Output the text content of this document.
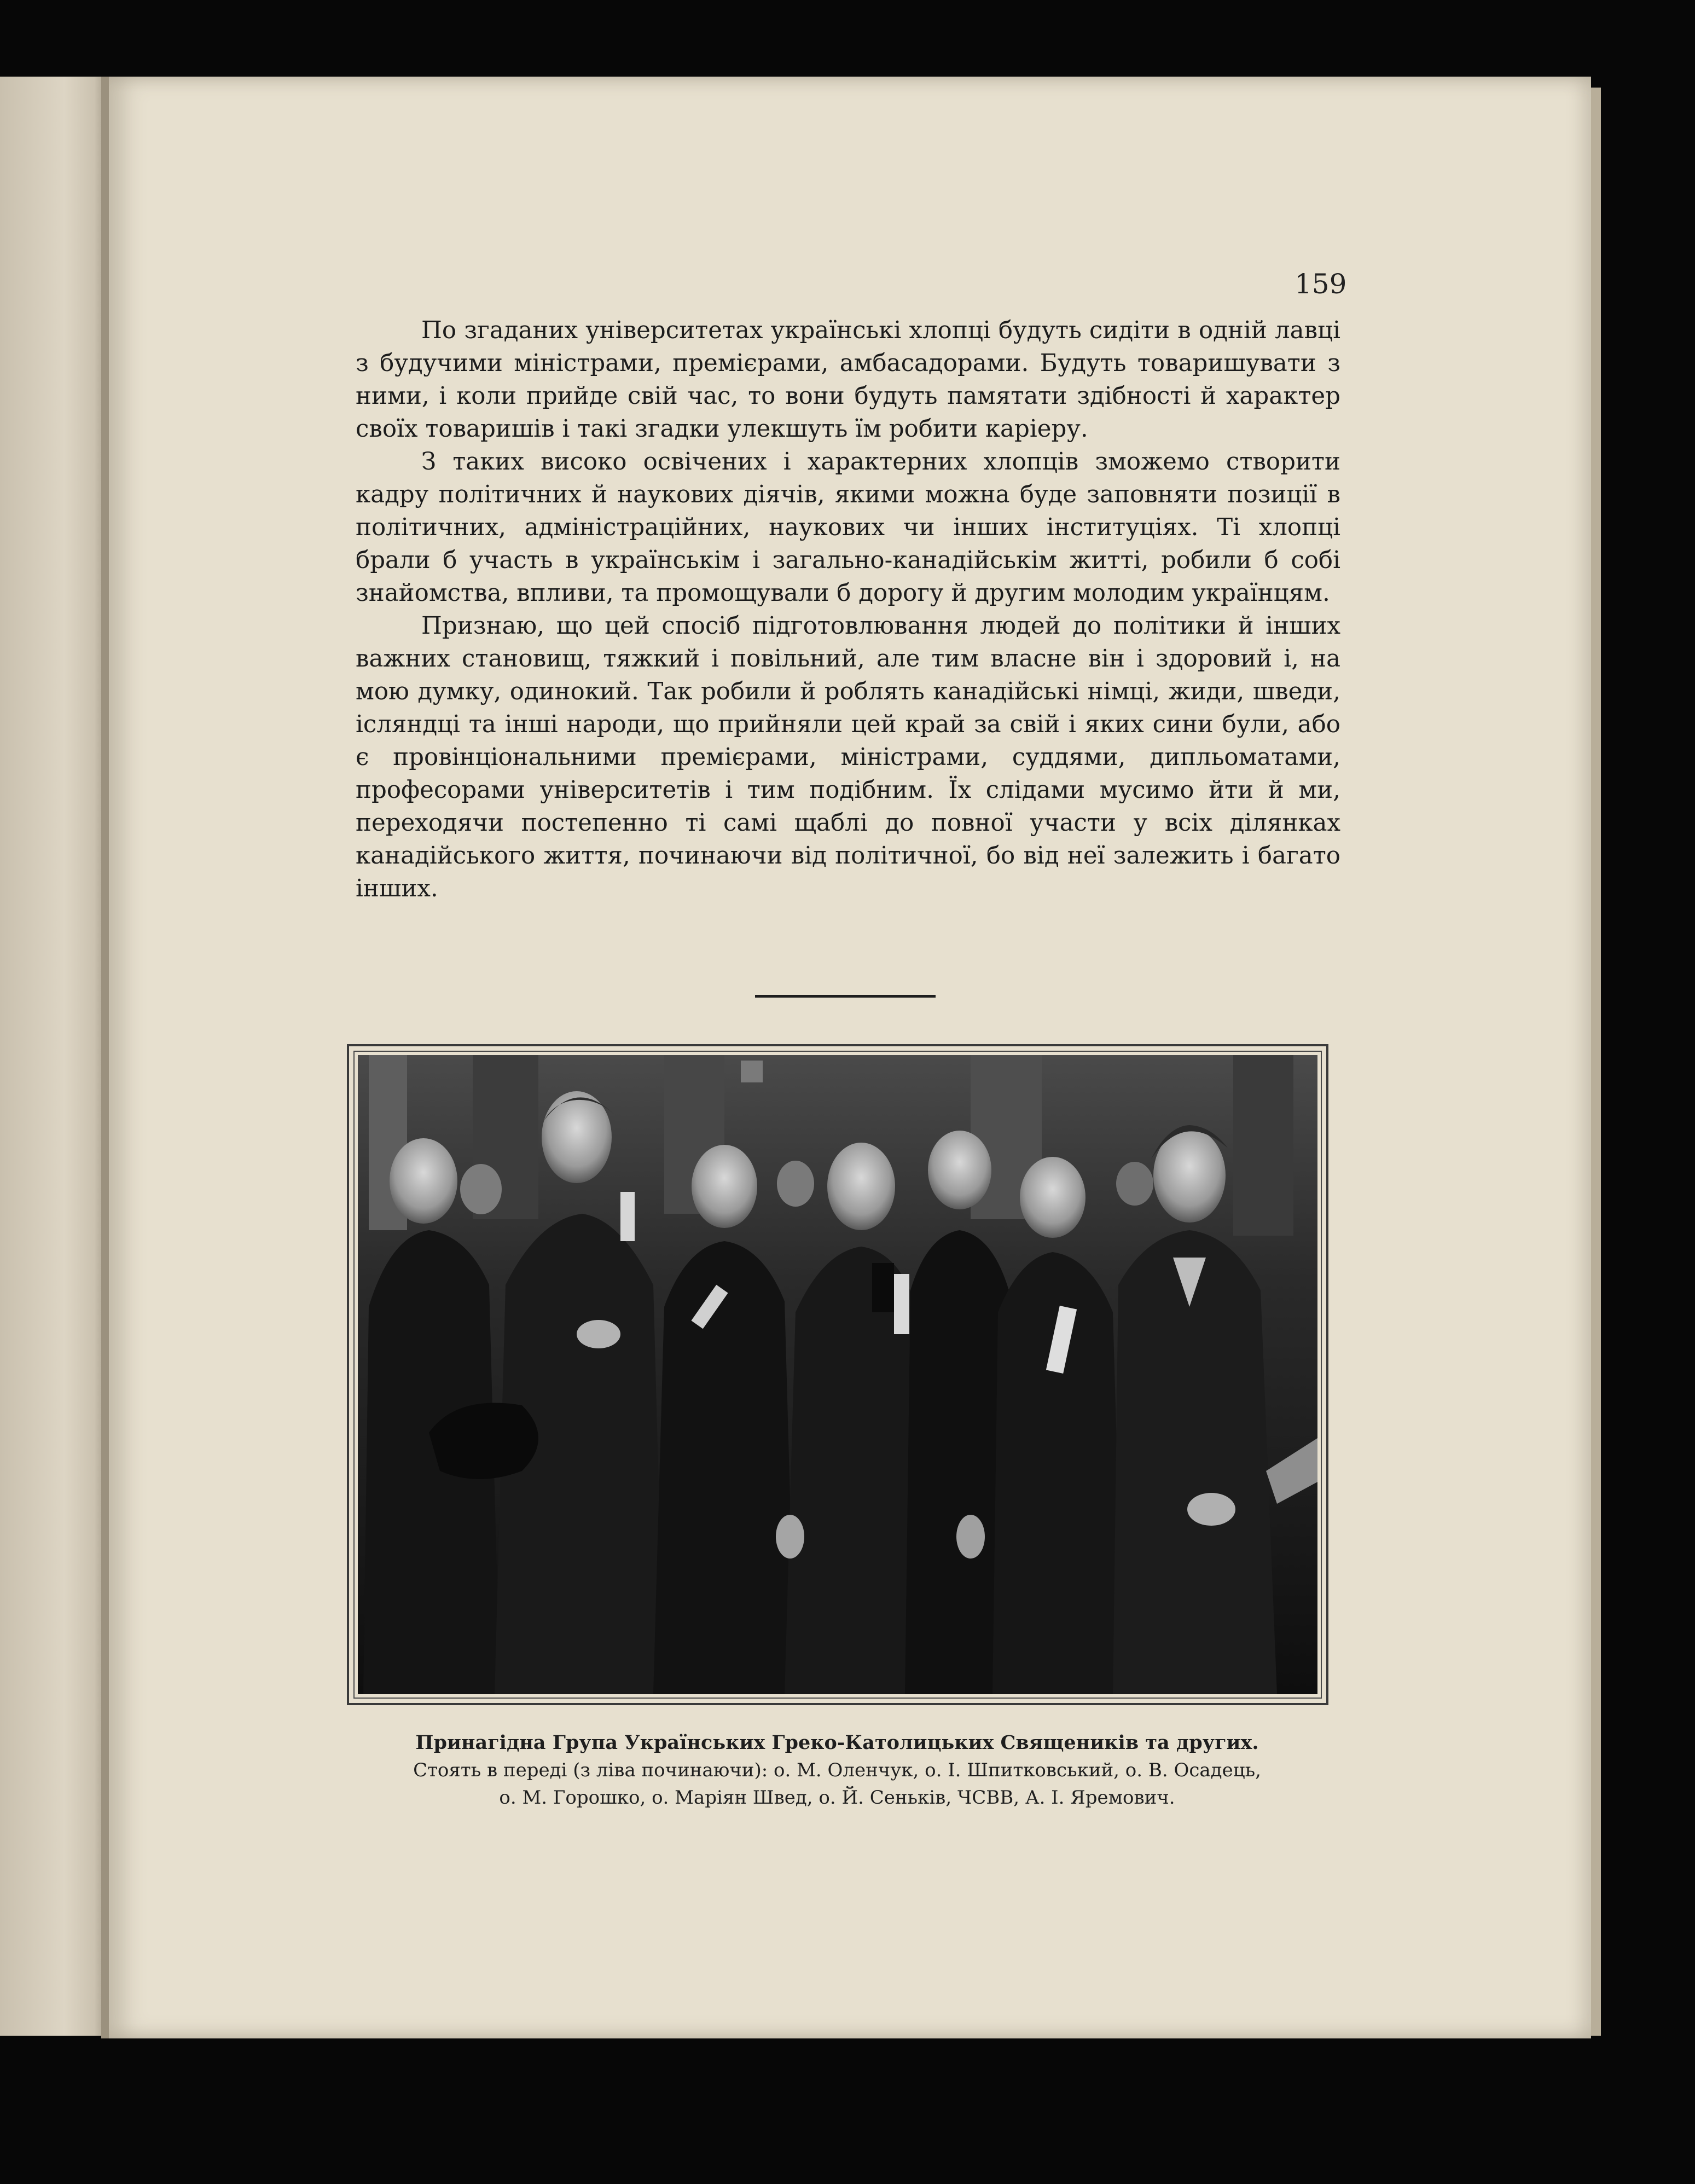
159

По згаданих університетах українські хлопці будуть сидіти в одній лавці з будучими міністрами, премієрами, амбасадорами. Будуть товаришувати з ними, і коли прийде свій час, то вони будуть памятати здібності й характер своїх товаришів і такі згадки улекшуть їм робити каріеру.

З таких високо освічених і характерних хлопців зможемо створити кадру політичних й наукових діячів, якими можна буде заповняти позиції в політичних, адміністраційних, наукових чи інших інституціях. Ті хлопці брали б участь в українськім і загально-канадійськім житті, робили б собі знайомства, впливи, та промощували б дорогу й другим молодим українцям.

Признаю, що цей спосіб підготовлювання людей до політики й інших важних становищ, тяжкий і повільний, але тим власне він і здоровий і, на мою думку, одинокий. Так робили й роблять канадійські німці, жиди, шведи, ісляндці та інші народи, що прийняли цей край за свій і яких сини були, або є провінціональними премієрами, міністрами, суддями, дипльоматами, професорами університетів і тим подібним. Їх слідами мусимо йти й ми, переходячи постепенно ті самі щаблі до повної участи у всіх ділянках канадійського життя, починаючи від політичної, бо від неї залежить і багато інших.

Принагідна Група Українських Греко-Католицьких Священиків та других.
Стоять в переді (з ліва починаючи): о. М. Оленчук, о. І. Шпитковський, о. В. Осадець,
о. М. Горошко, о. Маріян Швед, о. Й. Сеньків, ЧСВВ, А. І. Яремович.
